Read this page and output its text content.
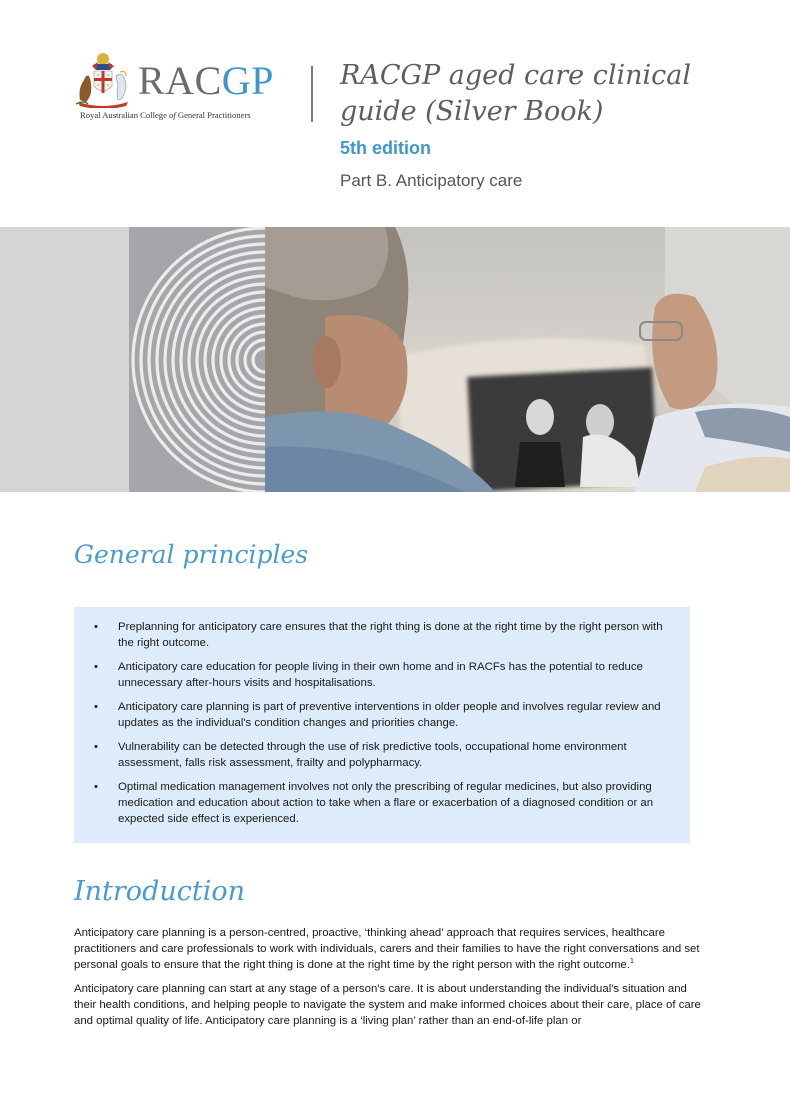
RACGP
Royal Australian College of General Practitioners
RACGP aged care clinical guide (Silver Book)
5th edition
Part B. Anticipatory care
General principles
• Preplanning for anticipatory care ensures that the right thing is done at the right time by the right person with the right outcome.
• Anticipatory care education for people living in their own home and in RACFs has the potential to reduce unnecessary after-hours visits and hospitalisations.
• Anticipatory care planning is part of preventive interventions in older people and involves regular review and updates as the individual's condition changes and priorities change.
• Vulnerability can be detected through the use of risk predictive tools, occupational home environment assessment, falls risk assessment, frailty and polypharmacy.
• Optimal medication management involves not only the prescribing of regular medicines, but also providing medication and education about action to take when a flare or exacerbation of a diagnosed condition or an expected side effect is experienced.
Introduction

Anticipatory care planning is a person-centred, proactive, ‘thinking ahead’ approach that requires services, healthcare practitioners and care professionals to work with individuals, carers and their families to have the right conversations and set personal goals to ensure that the right thing is done at the right time by the right person with the right outcome.$^1$

Anticipatory care planning can start at any stage of a person's care. It is about understanding the individual's situation and their health conditions, and helping people to navigate the system and make informed choices about their care, place of care and optimal quality of life. Anticipatory care planning is a ‘living plan’ rather than an end-of-life plan or
